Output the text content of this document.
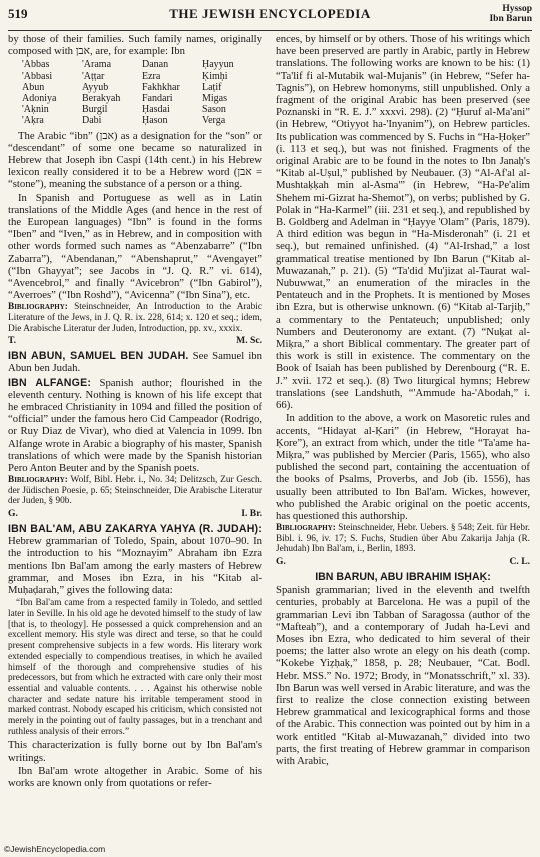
519	THE JEWISH ENCYCLOPEDIA	Hyssop
Ibn Barun

by those of their families. Such family names, originally composed with אבן, are, for example: Ibn

'Abbas	'Arama	Danan	Ḥayyun
'Abbasi	'Aṭṭar	Ezra	Ḳimḥi
Abun	Ayyub	Fakhkhar	Laṭif
Adoniya	Berakyah	Fandari	Migas
'Aḳnin	Burgil	Ḥasdai	Sason
'Aḳra	Dabi	Ḥason	Verga

The Arabic “ibn” (אבן) as a designation for the “son” or “descendant” of some one became so naturalized in Hebrew that Joseph ibn Caspi (14th cent.) in his Hebrew lexicon really considered it to be a Hebrew word (אבן = “stone”), meaning the substance of a person or a thing.

In Spanish and Portuguese as well as in Latin translations of the Middle Ages (and hence in the rest of the European languages) “Ibn” is found in the forms “Iben” and “Iven,” as in Hebrew, and in composition with other words formed such names as “Abenzabarre” (“Ibn Zabarra”), “Abendanan,” “Abenshaprut,” “Avengayet” (“Ibn Ghayyat”; see Jacobs in “J. Q. R.” vi. 614), “Avencebrol,” and finally “Avicebron” (“Ibn Gabirol”), “Averroes” (“Ibn Roshd”), “Avicenna” (“Ibn Sina”), etc.

Bibliography: Steinschneider, An Introduction to the Arabic Literature of the Jews, in J. Q. R. ix. 228, 614; x. 120 et seq.; idem, Die Arabische Literatur der Juden, Introduction, pp. xv., xxxix.

T.	M. Sc.

IBN ABUN, SAMUEL BEN JUDAH. See Samuel ibn Abun ben Judah.

IBN ALFANGE: Spanish author; flourished in the eleventh century. Nothing is known of his life except that he embraced Christianity in 1094 and filled the position of “official” under the famous hero Cid Campeador (Rodrigo, or Ruy Diaz de Vivar), who died at Valencia in 1099. Ibn Alfange wrote in Arabic a biography of his master, Spanish translations of which were made by the Spanish historian Pero Anton Beuter and by the Spanish poets.

Bibliography: Wolf, Bibl. Hebr. i., No. 34; Delitzsch, Zur Gesch. der Jüdischen Poesie, p. 65; Steinschneider, Die Arabische Literatur der Juden, § 90b.

G.	I. Br.

IBN BAL'AM, ABU ZAKARYA YAḤYA (R. JUDAH): Hebrew grammarian of Toledo, Spain, about 1070–90. In the introduction to his “Moznayim” Abraham ibn Ezra mentions Ibn Bal'am among the early masters of Hebrew grammar, and Moses ibn Ezra, in his “Kitab al-Muḥaḍarah,” gives the following data:

“Ibn Bal'am came from a respected family in Toledo, and settled later in Seville. In his old age he devoted himself to the study of law [that is, to theology]. He possessed a quick comprehension and an excellent memory. His style was direct and terse, so that he could present comprehensive subjects in a few words. His literary work extended especially to compendious treatises, in which he availed himself of the thorough and comprehensive studies of his predecessors, but from which he extracted with care only their most essential and valuable contents. . . . Against his otherwise noble character and sedate nature his irritable temperament stood in marked contrast. Nobody escaped his criticism, which consisted not merely in the pointing out of faulty passages, but in a trenchant and ruthless analysis of their errors.”

This characterization is fully borne out by Ibn Bal'am's writings.

Ibn Bal'am wrote altogether in Arabic. Some of his works are known only from quotations or refer-

ences, by himself or by others. Those of his writings which have been preserved are partly in Arabic, partly in Hebrew translations. The following works are known to be his: (1) “Ta'lif fi al-Mutabik wal-Mujanis” (in Hebrew, “Sefer ha-Tagnis”), on Hebrew homonyms, still unpublished. Only a fragment of the original Arabic has been preserved (see Poznanski in “R. E. J.” xxxvi. 298). (2) “Ḥuruf al-Ma'ani” (in Hebrew, “Otiyyot ha-'Inyanim”), on Hebrew particles. Its publication was commenced by S. Fuchs in “Ha-Ḥoḳer” (i. 113 et seq.), but was not finished. Fragments of the original Arabic are to be found in the notes to Ibn Janaḥ's “Kitab al-Uṣul,” published by Neubauer. (3) “Al-Af'al al-Mushtaḳḳah min al-Asma'” (in Hebrew, “Ha-Pe'alim Shehem mi-Gizrat ha-Shemot”), on verbs; published by G. Polak in “Ha-Karmel” (iii. 231 et seq.), and republished by B. Goldberg and Adelman in “Ḥayye 'Olam” (Paris, 1879). A third edition was begun in “Ha-Misderonah” (i. 21 et seq.), but remained unfinished. (4) “Al-Irshad,” a lost grammatical treatise mentioned by Ibn Barun (“Kitab al-Muwazanah,” p. 21). (5) “Ta'did Mu'jizat al-Taurat wal-Nubuwwat,” an enumeration of the miracles in the Pentateuch and in the Prophets. It is mentioned by Moses ibn Ezra, but is otherwise unknown. (6) “Kitab al-Tarjiḥ,” a commentary to the Pentateuch; unpublished; only Numbers and Deuteronomy are extant. (7) “Nuḳat al-Miḳra,” a short Biblical commentary. The greater part of this work is still in existence. The commentary on the Book of Isaiah has been published by Derenbourg (“R. E. J.” xvii. 172 et seq.). (8) Two liturgical hymns; Hebrew translations (see Landshuth, “'Ammude ha-'Abodah,” i. 66).

In addition to the above, a work on Masoretic rules and accents, “Hidayat al-Ḳari” (in Hebrew, “Horayat ha-Ḳore”), an extract from which, under the title “Ta'ame ha-Miḳra,” was published by Mercier (Paris, 1565), who also published the second part, containing the accentuation of the books of Psalms, Proverbs, and Job (ib. 1556), has usually been attributed to Ibn Bal'am. Wickes, however, who published the Arabic original on the poetic accents, has questioned this authorship.

Bibliography: Steinschneider, Hebr. Uebers. § 548; Zeit. für Hebr. Bibl. i. 96, iv. 17; S. Fuchs, Studien über Abu Zakarija Jahja (R. Jehudah) Ibn Bal'am, i., Berlin, 1893.

G.	C. L.
IBN BARUN, ABU IBRAHIM ISḤAḲ:

Spanish grammarian; lived in the eleventh and twelfth centuries, probably at Barcelona. He was a pupil of the grammarian Levi ibn Tabban of Saragossa (author of the “Mafteaḥ”), and a contemporary of Judah ha-Levi and Moses ibn Ezra, who dedicated to him several of their poems; the latter also wrote an elegy on his death (comp. “Kokebe Yiẓḥaḳ,” 1858, p. 28; Neubauer, “Cat. Bodl. Hebr. MSS.” No. 1972; Brody, in “Monatsschrift,” xl. 33). Ibn Barun was well versed in Arabic literature, and was the first to realize the close connection existing between Hebrew grammatical and lexicographical forms and those of the Arabic. This connection was pointed out by him in a work entitled “Kitab al-Muwazanah,” divided into two parts, the first treating of Hebrew grammar in comparison with Arabic,

©JewishEncyclopedia.com
